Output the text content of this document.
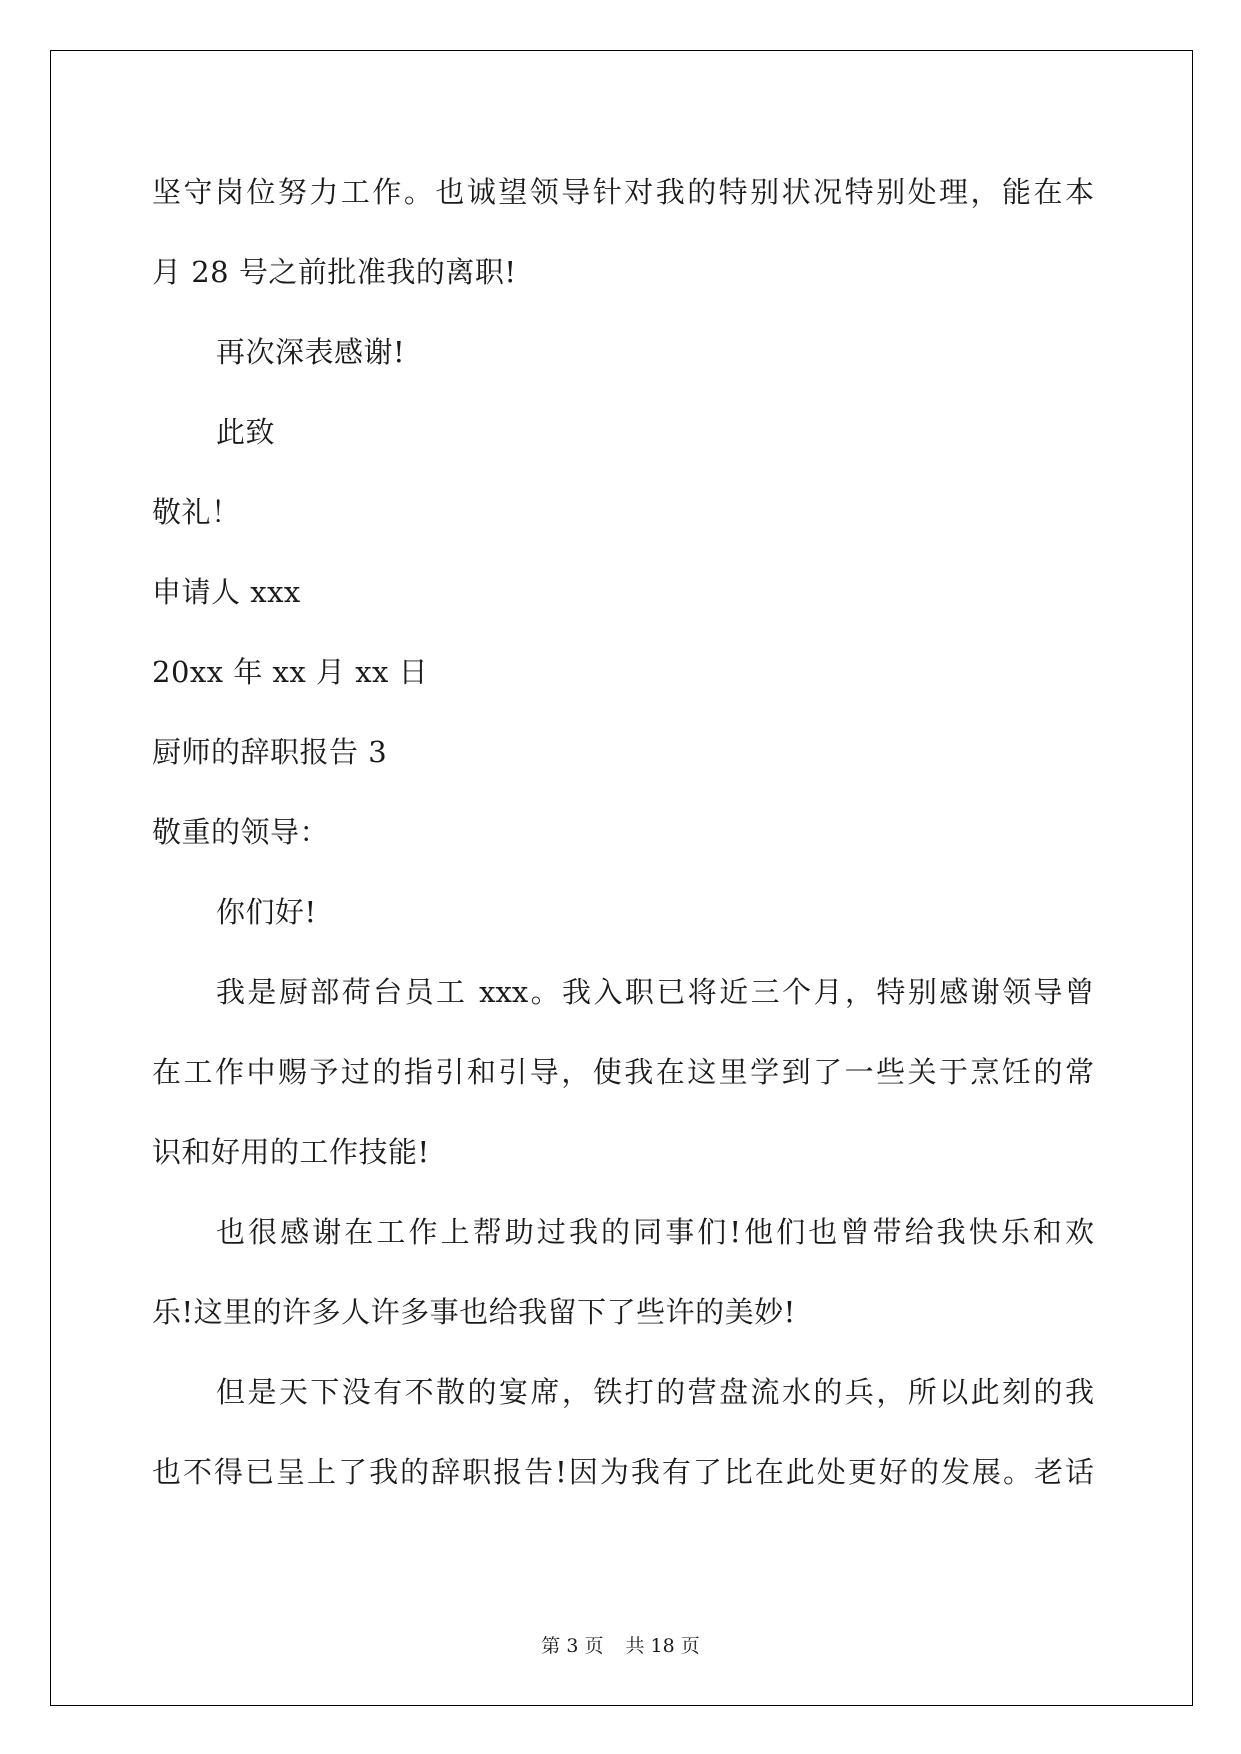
坚守岗位努力工作。也诚望领导针对我的特别状况特别处理，能在本
月 28 号之前批准我的离职!
再次深表感谢!
此致
敬礼！
申请人 xxx
20xx 年 xx 月 xx 日
厨师的辞职报告 3
敬重的领导：
你们好!
我是厨部荷台员工 xxx。我入职已将近三个月，特别感谢领导曾
在工作中赐予过的指引和引导，使我在这里学到了一些关于烹饪的常
识和好用的工作技能!
也很感谢在工作上帮助过我的同事们!他们也曾带给我快乐和欢
乐!这里的许多人许多事也给我留下了些许的美妙!
但是天下没有不散的宴席，铁打的营盘流水的兵，所以此刻的我
也不得已呈上了我的辞职报告!因为我有了比在此处更好的发展。老话
第 3 页 共 18 页
